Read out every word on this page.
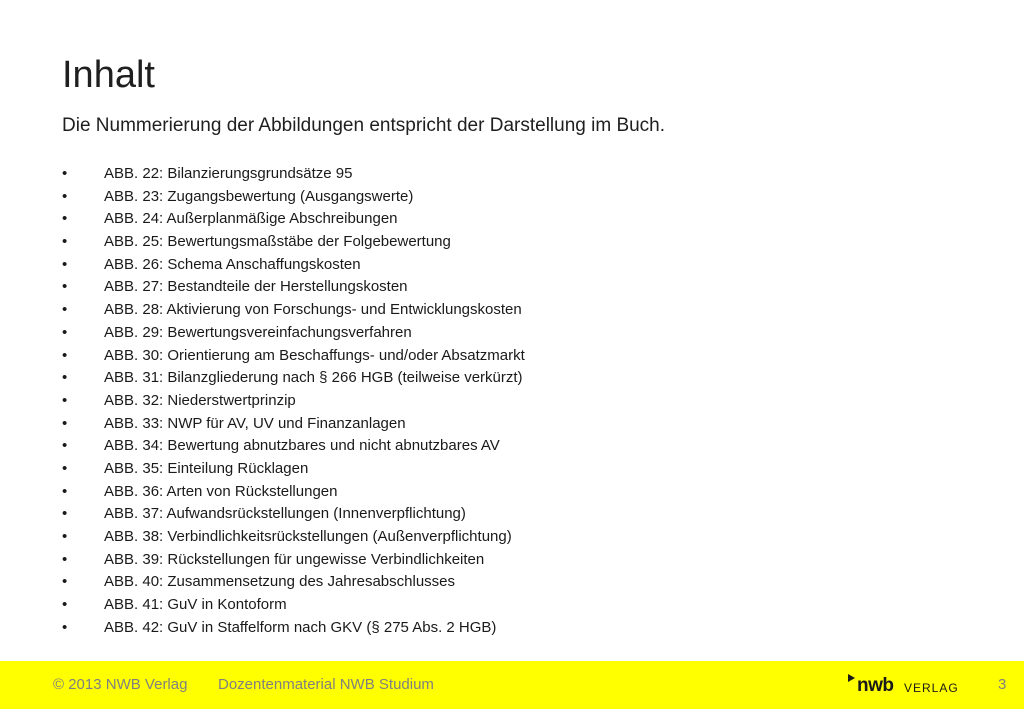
Inhalt
Die Nummerierung der Abbildungen entspricht der Darstellung im Buch.
•	ABB. 22: Bilanzierungsgrundsätze 95
•	ABB. 23: Zugangsbewertung (Ausgangswerte)
•	ABB. 24: Außerplanmäßige Abschreibungen
•	ABB. 25: Bewertungsmaßstäbe der Folgebewertung
•	ABB. 26: Schema Anschaffungskosten
•	ABB. 27: Bestandteile der Herstellungskosten
•	ABB. 28: Aktivierung von Forschungs- und Entwicklungskosten
•	ABB. 29: Bewertungsvereinfachungsverfahren
•	ABB. 30: Orientierung am Beschaffungs- und/oder Absatzmarkt
•	ABB. 31: Bilanzgliederung nach § 266 HGB (teilweise verkürzt)
•	ABB. 32: Niederstwertprinzip
•	ABB. 33: NWP für AV, UV und Finanzanlagen
•	ABB. 34: Bewertung abnutzbares und nicht abnutzbares AV
•	ABB. 35: Einteilung Rücklagen
•	ABB. 36: Arten von Rückstellungen
•	ABB. 37: Aufwandsrückstellungen (Innenverpflichtung)
•	ABB. 38: Verbindlichkeitsrückstellungen (Außenverpflichtung)
•	ABB. 39: Rückstellungen für ungewisse Verbindlichkeiten
•	ABB. 40: Zusammensetzung des Jahresabschlusses
•	ABB. 41: GuV in Kontoform
•	ABB. 42: GuV in Staffelform nach GKV (§ 275 Abs. 2 HGB)
© 2013 NWB Verlag Dozentenmaterial NWB Studium	nwb VERLAG	3
